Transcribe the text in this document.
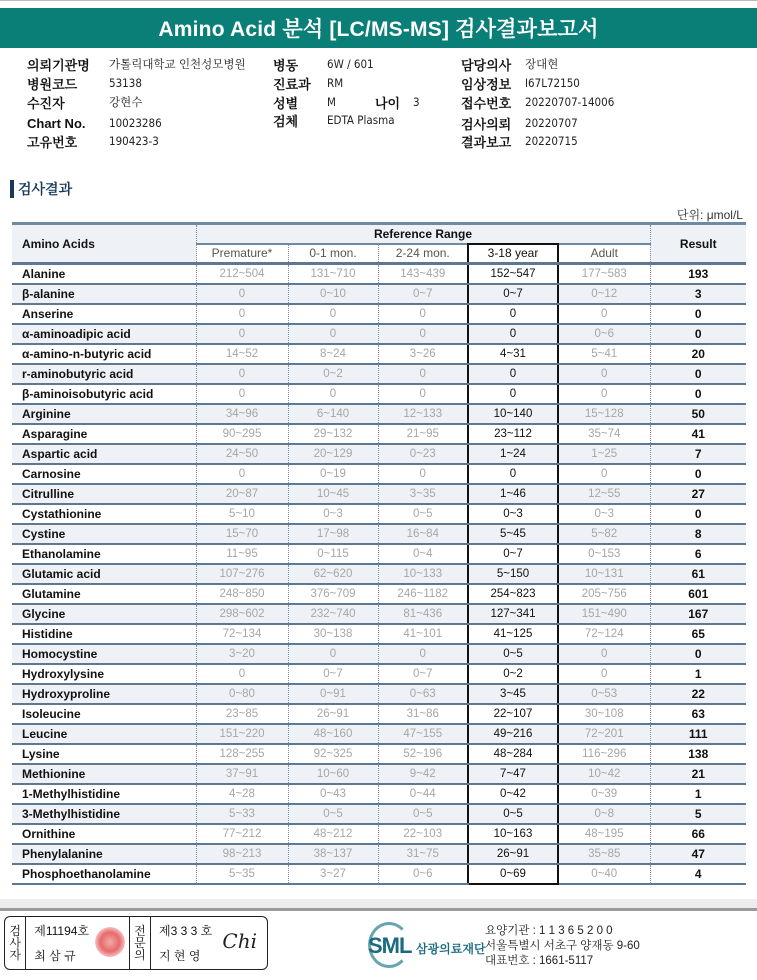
Amino Acid 분석 [LC/MS-MS] 검사결과보고서
의뢰기관명	가톨릭대학교 인천성모병원
병원코드	53138
수진자	강현수
Chart No.	10023286
고유번호	190423-3
병동	6W / 601
진료과	RM
성별	M	나이	3
검체	EDTA Plasma
담당의사	장대현
임상정보	I67L72150
접수번호	20220707-14006
검사의뢰	20220707
결과보고	20220715
검사결과
단위: μmol/L
Amino Acids	Reference Range					Result
	Premature*	0-1 mon.	2-24 mon.	3-18 year	Adult	
Alanine	212~504	131~710	143~439	152~547	177~583	193
β-alanine	0	0~10	0~7	0~7	0~12	3
Anserine	0	0	0	0	0	0
α-aminoadipic acid	0	0	0	0	0~6	0
α-amino-n-butyric acid	14~52	8~24	3~26	4~31	5~41	20
r-aminobutyric acid	0	0~2	0	0	0	0
β-aminoisobutyric acid	0	0	0	0	0	0
Arginine	34~96	6~140	12~133	10~140	15~128	50
Asparagine	90~295	29~132	21~95	23~112	35~74	41
Aspartic acid	24~50	20~129	0~23	1~24	1~25	7
Carnosine	0	0~19	0	0	0	0
Citrulline	20~87	10~45	3~35	1~46	12~55	27
Cystathionine	5~10	0~3	0~5	0~3	0~3	0
Cystine	15~70	17~98	16~84	5~45	5~82	8
Ethanolamine	11~95	0~115	0~4	0~7	0~153	6
Glutamic acid	107~276	62~620	10~133	5~150	10~131	61
Glutamine	248~850	376~709	246~1182	254~823	205~756	601
Glycine	298~602	232~740	81~436	127~341	151~490	167
Histidine	72~134	30~138	41~101	41~125	72~124	65
Homocystine	3~20	0	0	0~5	0	0
Hydroxylysine	0	0~7	0~7	0~2	0	1
Hydroxyproline	0~80	0~91	0~63	3~45	0~53	22
Isoleucine	23~85	26~91	31~86	22~107	30~108	63
Leucine	151~220	48~160	47~155	49~216	72~201	111
Lysine	128~255	92~325	52~196	48~284	116~296	138
Methionine	37~91	10~60	9~42	7~47	10~42	21
1-Methylhistidine	4~28	0~43	0~44	0~42	0~39	1
3-Methylhistidine	5~33	0~5	0~5	0~5	0~8	5
Ornithine	77~212	48~212	22~103	10~163	48~195	66
Phenylalanine	98~213	38~137	31~75	26~91	35~85	47
Phosphoethanolamine	5~35	3~27	0~6	0~69	0~40	4
검
사
자
제11194호
최 삼 규
전
문
의
제3 3 3 호
지 현 영
Chi	SML 삼광의료재단
요양기관 : 1 1 3 6 5 2 0 0
서울특별시 서초구 양재동 9-60
대표번호 : 1661-5117
